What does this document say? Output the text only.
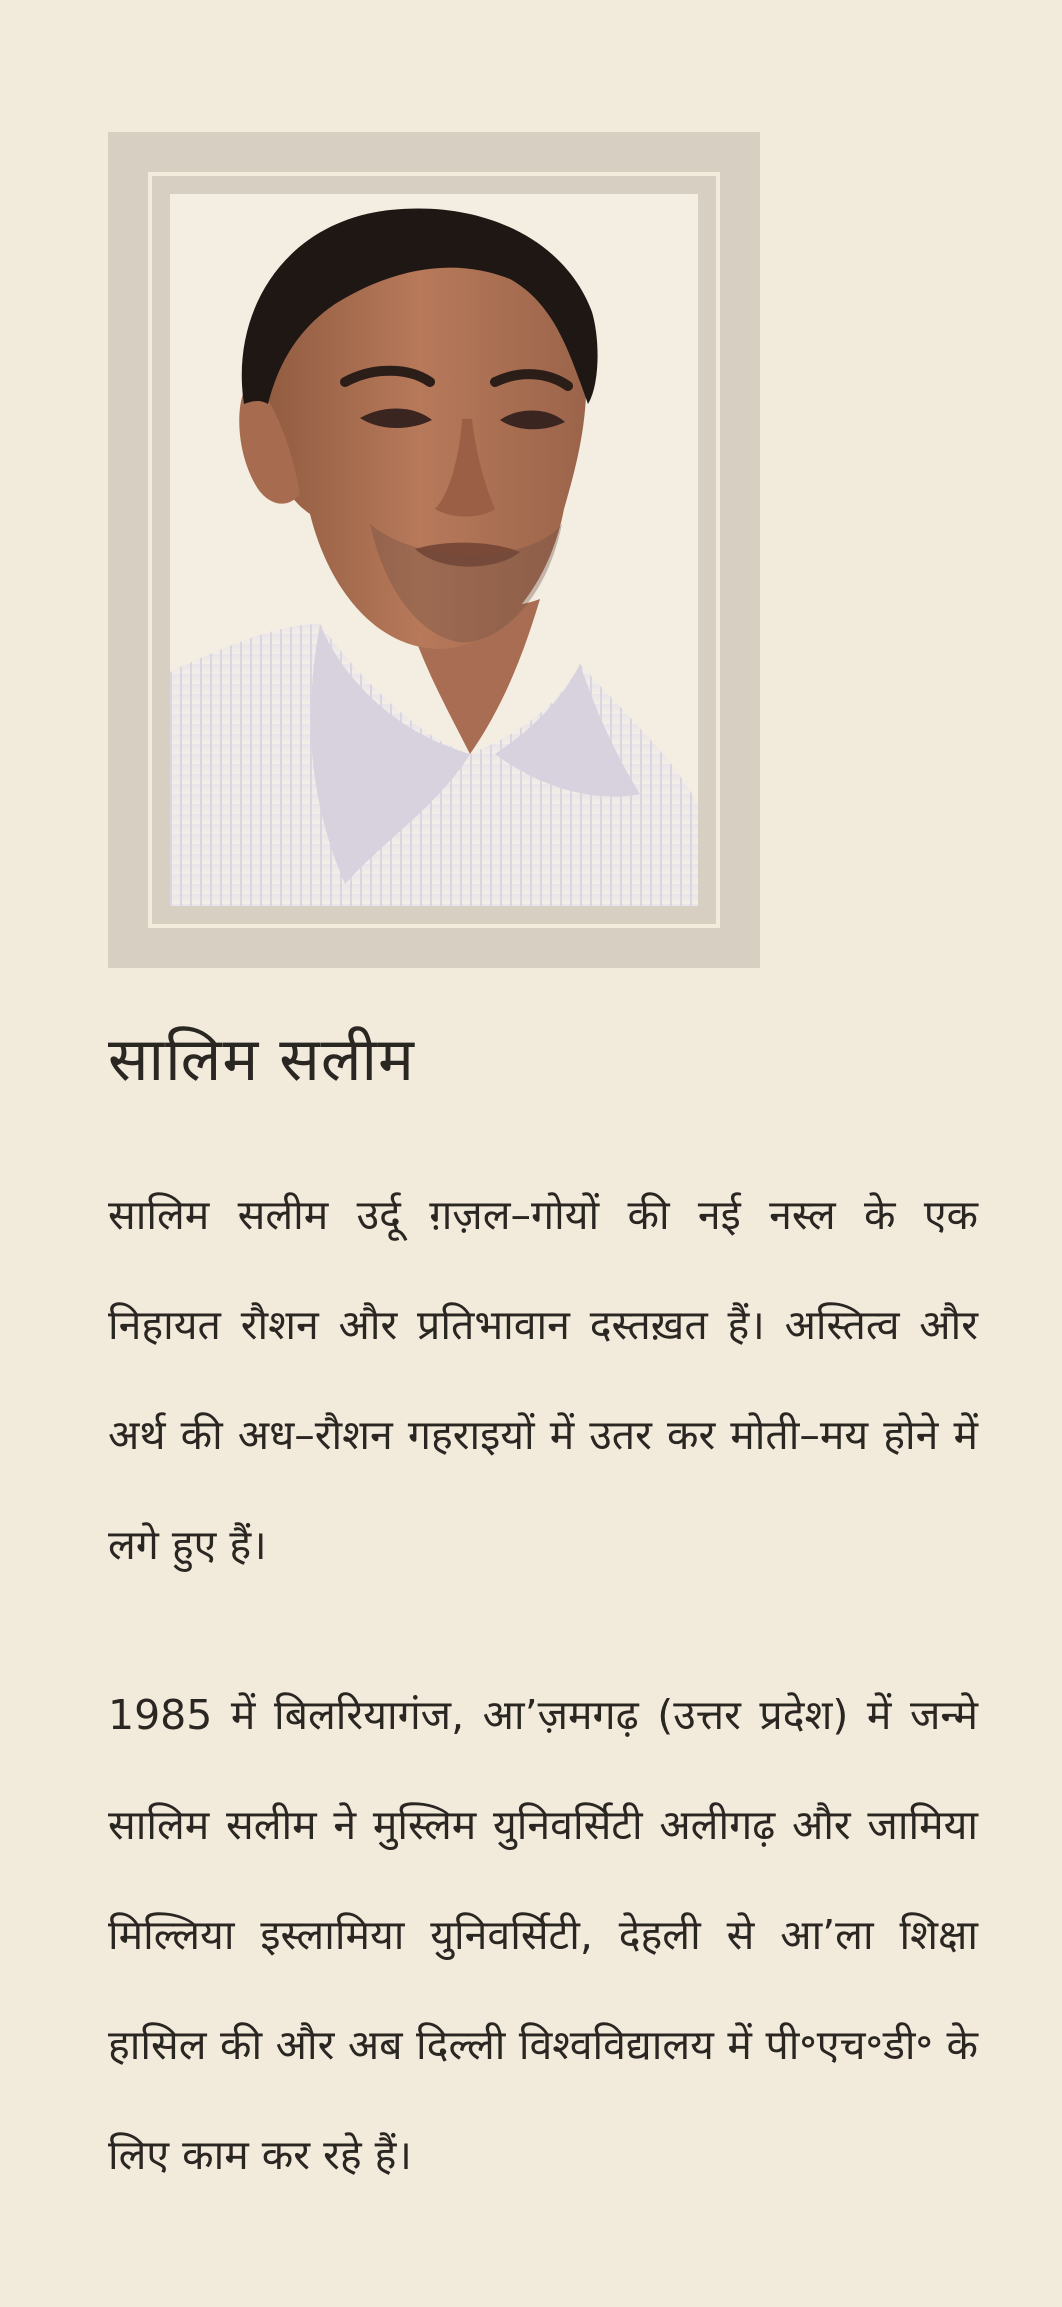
सालिम सलीम

सालिम सलीम उर्दू ग़ज़ल–गोयों की नई नस्ल के एक निहायत रौशन और प्रतिभावान दस्तख़त हैं। अस्तित्व और अर्थ की अध–रौशन गहराइयों में उतर कर मोती–मय होने में लगे हुए हैं।

1985 में बिलरियागंज, आ’ज़मगढ़ (उत्तर प्रदेश) में जन्मे सालिम सलीम ने मुस्लिम युनिवर्सिटी अलीगढ़ और जामिया मिल्लिया इस्लामिया युनिवर्सिटी, देहली से आ’ला शिक्षा हासिल की और अब दिल्ली विश्वविद्यालय में पी॰एच॰डी॰ के लिए काम कर रहे हैं।
